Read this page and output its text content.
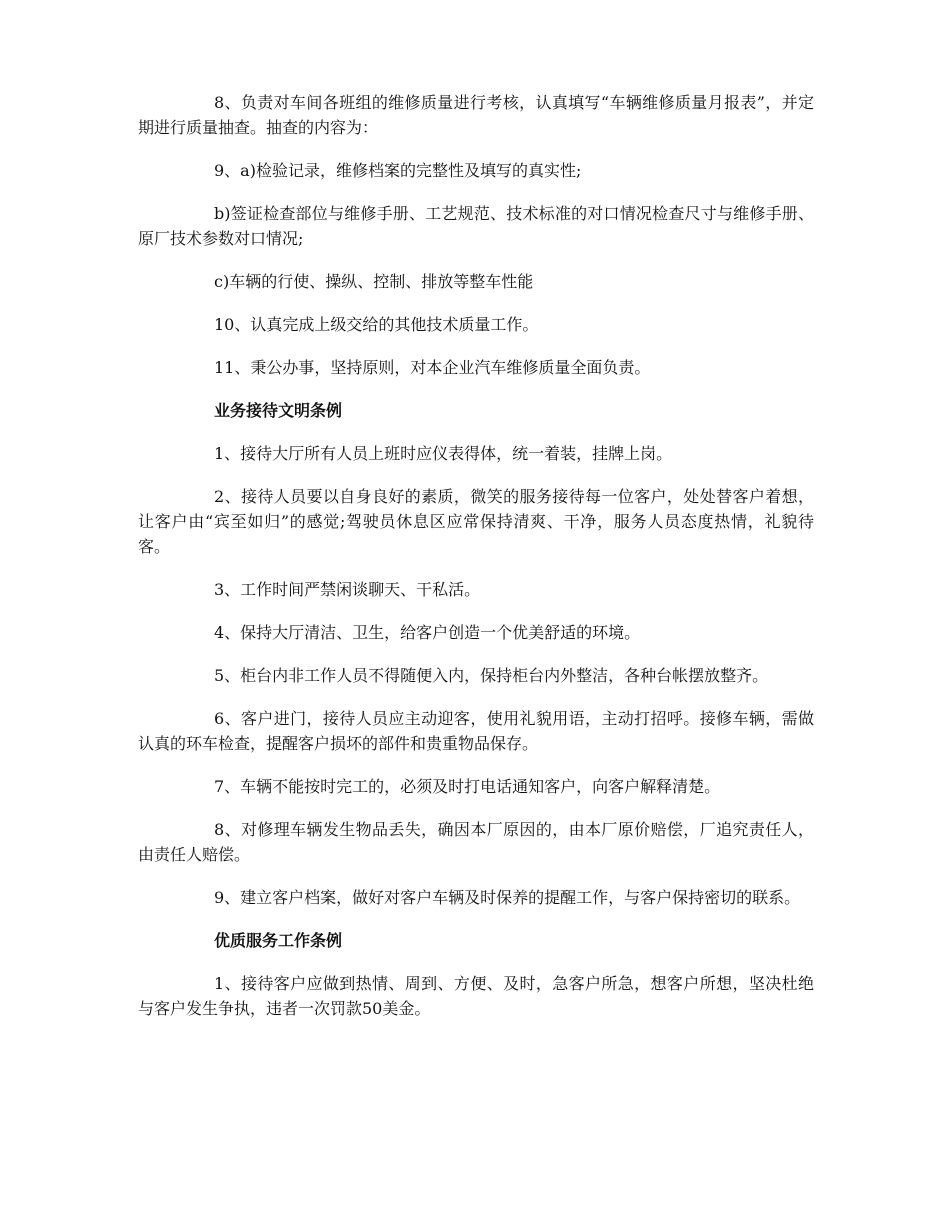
8、负责对车间各班组的维修质量进行考核，认真填写“车辆维修质量月报表”，并定期进行质量抽查。抽查的内容为：

9、a)检验记录，维修档案的完整性及填写的真实性;

b)签证检查部位与维修手册、工艺规范、技术标准的对口情况检查尺寸与维修手册、原厂技术参数对口情况;

c)车辆的行使、操纵、控制、排放等整车性能

10、认真完成上级交给的其他技术质量工作。

11、秉公办事，坚持原则，对本企业汽车维修质量全面负责。

业务接待文明条例

1、接待大厅所有人员上班时应仪表得体，统一着装，挂牌上岗。

2、接待人员要以自身良好的素质，微笑的服务接待每一位客户，处处替客户着想，让客户由“宾至如归”的感觉;驾驶员休息区应常保持清爽、干净，服务人员态度热情，礼貌待客。

3、工作时间严禁闲谈聊天、干私活。

4、保持大厅清洁、卫生，给客户创造一个优美舒适的环境。

5、柜台内非工作人员不得随便入内，保持柜台内外整洁，各种台帐摆放整齐。

6、客户进门，接待人员应主动迎客，使用礼貌用语，主动打招呼。接修车辆，需做认真的环车检查，提醒客户损坏的部件和贵重物品保存。

7、车辆不能按时完工的，必须及时打电话通知客户，向客户解释清楚。

8、对修理车辆发生物品丢失，确因本厂原因的，由本厂原价赔偿，厂追究责任人，由责任人赔偿。

9、建立客户档案，做好对客户车辆及时保养的提醒工作，与客户保持密切的联系。

优质服务工作条例

1、接待客户应做到热情、周到、方便、及时，急客户所急，想客户所想，坚决杜绝与客户发生争执，违者一次罚款50美金。
